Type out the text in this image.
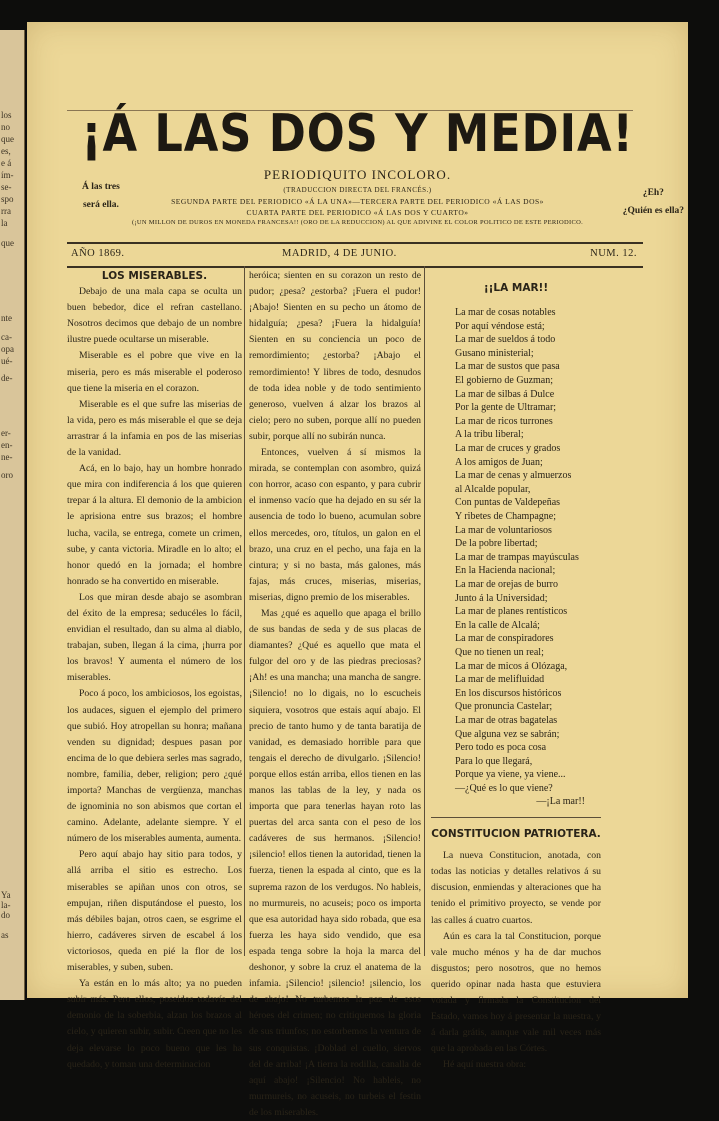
los
no
que
es,
e á
ím-
se-
spo
rra
la
que
nte
ca-
opa
ué-
de-
er-
en-
ne-
oro
Ya
la-
do
as
¡Á LAS DOS Y MEDIA!
PERIODIQUITO INCOLORO.
(TRADUCCION DIRECTA DEL FRANCÉS.)
SEGUNDA PARTE DEL PERIODICO «Á LA UNA»—TERCERA PARTE DEL PERIODICO «Á LAS DOS»
CUARTA PARTE DEL PERIODICO «Á LAS DOS Y CUARTO»
(¡UN MILLON DE DUROS EN MONEDA FRANCESA!! (ORO DE LA REDUCCION) AL QUE ADIVINE EL COLOR POLITICO DE ESTE PERIODICO.
Á las tres
será ella.
¿Eh?
¿Quién es ella?
AÑO 1869.	MADRID, 4 DE JUNIO.	NUM. 12.

LOS MISERABLES.

Debajo de una mala capa se oculta un buen bebedor, dice el refran castellano. Nosotros decimos que debajo de un nombre ilustre puede ocultarse un miserable.

Miserable es el pobre que vive en la miseria, pero es más miserable el poderoso que tiene la miseria en el corazon.

Miserable es el que sufre las miserias de la vida, pero es más miserable el que se deja arrastrar á la infamia en pos de las miserias de la vanidad.

Acá, en lo bajo, hay un hombre honrado que mira con indiferencia á los que quieren trepar á la altura. El demonio de la ambicion le aprisiona entre sus brazos; el hombre lucha, vacila, se entrega, comete un crimen, sube, y canta victoria. Miradle en lo alto; el honor quedó en la jornada; el hombre honrado se ha convertido en miserable.

Los que miran desde abajo se asombran del éxito de la empresa; seducéles lo fácil, envidian el resultado, dan su alma al diablo, trabajan, suben, llegan á la cima, ¡hurra por los bravos! Y aumenta el número de los miserables.

Poco á poco, los ambiciosos, los egoistas, los audaces, siguen el ejemplo del primero que subió. Hoy atropellan su honra; mañana venden su dignidad; despues pasan por encima de lo que debiera serles mas sagrado, nombre, familia, deber, religion; pero ¿qué importa? Manchas de vergüenza, manchas de ignominia no son abismos que cortan el camino. Adelante, adelante siempre. Y el número de los miserables aumenta, aumenta.

Pero aquí abajo hay sitio para todos, y allá arriba el sitio es estrecho. Los miserables se apiñan unos con otros, se empujan, riñen disputándose el puesto, los más débiles bajan, otros caen, se esgrime el hierro, cadáveres sirven de escabel á los victoriosos, queda en pié la flor de los miserables, y suben, suben.

Ya están en lo más alto; ya no pueden subir más. Pero ellos, poseidos todavía del demonio de la soberbia, alzan los brazos al cielo, y quieren subir, subir. Creen que no les deja elevarse lo poco bueno que les ha quedado, y toman una determinacion

heróica; sienten en su corazon un resto de pudor; ¿pesa? ¿estorba? ¡Fuera el pudor! ¡Abajo! Sienten en su pecho un átomo de hidalguía; ¿pesa? ¡Fuera la hidalguía! Sienten en su conciencia un poco de remordimiento; ¿estorba? ¡Abajo el remordimiento! Y libres de todo, desnudos de toda idea noble y de todo sentimiento generoso, vuelven á alzar los brazos al cielo; pero no suben, porque allí no pueden subir, porque allí no subirán nunca.

Entonces, vuelven á sí mismos la mirada, se contemplan con asombro, quizá con horror, acaso con espanto, y para cubrir el inmenso vacío que ha dejado en su sér la ausencia de todo lo bueno, acumulan sobre ellos mercedes, oro, títulos, un galon en el brazo, una cruz en el pecho, una faja en la cintura; y si no basta, más galones, más fajas, más cruces, miserias, miserias, miserias, digno premio de los miserables.

Mas ¿qué es aquello que apaga el brillo de sus bandas de seda y de sus placas de diamantes? ¿Qué es aquello que mata el fulgor del oro y de las piedras preciosas? ¡Ah! es una mancha; una mancha de sangre. ¡Silencio! no lo digais, no lo escucheis siquiera, vosotros que estais aquí abajo. El precio de tanto humo y de tanta baratija de vanidad, es demasiado horrible para que tengais el derecho de divulgarlo. ¡Silencio! porque ellos están arriba, ellos tienen en las manos las tablas de la ley, y nada os importa que para tenerlas hayan roto las puertas del arca santa con el peso de los cadáveres de sus hermanos. ¡Silencio! ¡silencio! ellos tienen la autoridad, tienen la fuerza, tienen la espada al cinto, que es la suprema razon de los verdugos. No hableis, no murmureis, no acuseis; poco os importa que esa autoridad haya sido robada, que esa fuerza les haya sido vendido, que esa espada tenga sobre la hoja la marca del deshonor, y sobre la cruz el anatema de la infamia. ¡Silencio! ¡silencio! ¡silencio, los de abajo! No turbemos la paz de esos héroes del crimen; no critiquemos la gloria de sus triunfos; no estorbemos la ventura de sus conquistas. ¡Doblad el cuello, siervos del de arriba! ¡A tierra la rodilla, canalla de aquí abajo! ¡Silencio! No hableis, no murmureis, no acuseis, no turbeis el festin de los miserables.

¡¡LA MAR!!

La mar de cosas notables
Por aquí véndose está;
La mar de sueldos á todo
Gusano ministerial;
La mar de sustos que pasa
El gobierno de Guzman;
La mar de silbas á Dulce
Por la gente de Ultramar;
La mar de ricos turrones
A la tribu liberal;
La mar de cruces y grados
A los amigos de Juan;
La mar de cenas y almuerzos
al Alcalde popular,
Con puntas de Valdepeñas
Y ribetes de Champagne;
La mar de voluntariosos
De la pobre libertad;
La mar de trampas mayúsculas
En la Hacienda nacional;
La mar de orejas de burro
Junto á la Universidad;
La mar de planes rentísticos
En la calle de Alcalá;
La mar de conspiradores
Que no tienen un real;
La mar de micos á Olózaga,
La mar de melifluidad
En los discursos históricos
Que pronuncia Castelar;
La mar de otras bagatelas
Que alguna vez se sabrán;
Pero todo es poca cosa
Para lo que llegará,
Porque ya viene, ya viene...
—¿Qué es lo que viene?
—¡La mar!!

CONSTITUCION PATRIOTERA.

La nueva Constitucion, anotada, con todas las noticias y detalles relativos á su discusion, enmiendas y alteraciones que ha tenido el primitivo proyecto, se vende por las calles á cuatro cuartos.

Aún es cara la tal Constitucion, porque vale mucho ménos y ha de dar muchos disgustos; pero nosotros, que no hemos querido opinar nada hasta que estuviera votada y firmada la Constitucion del Estado, vamos hoy á presentar la nuestra, y á darla grátis, aunque vale mil veces más que la aprobada en las Córtes.

Hé aquí nuestra obra:
